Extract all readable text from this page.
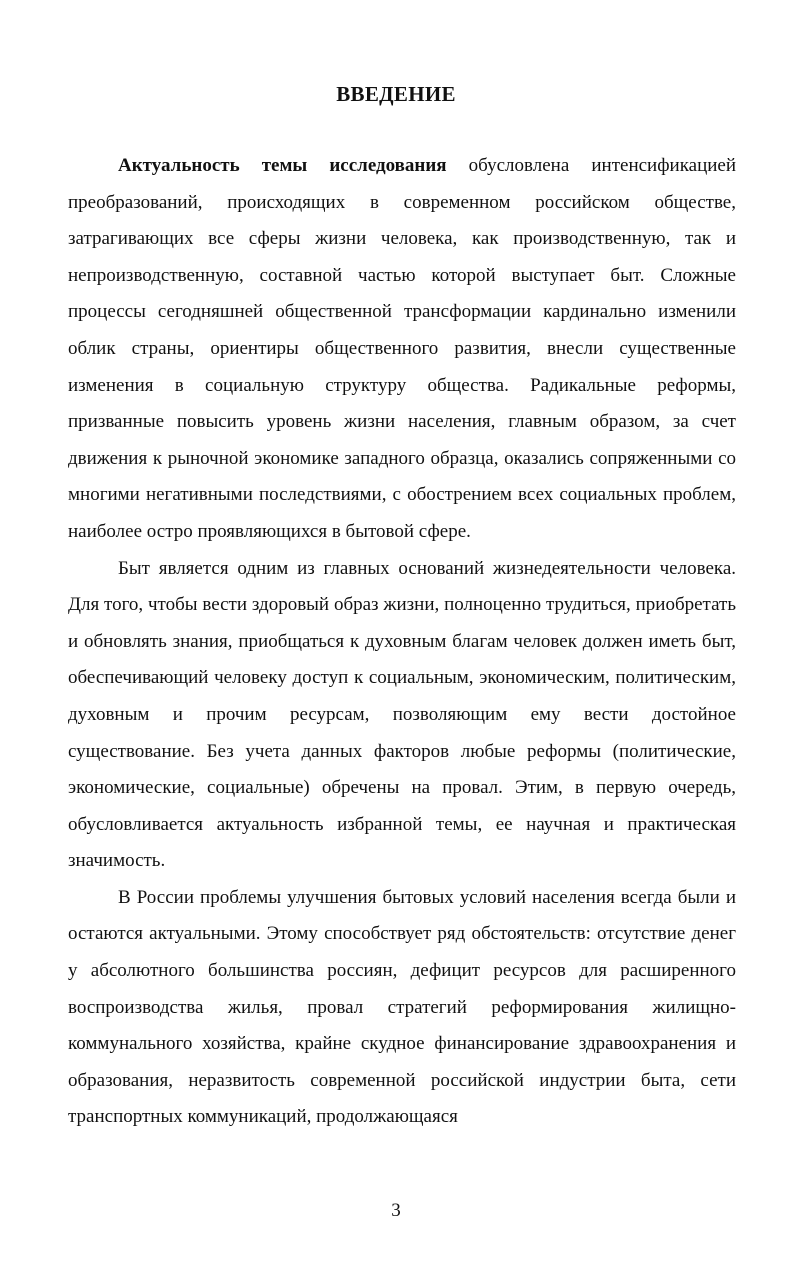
ВВЕДЕНИЕ

Актуальность темы исследования обусловлена интенсификацией преобразований, происходящих в современном российском обществе, затрагивающих все сферы жизни человека, как производственную, так и непроизводственную, составной частью которой выступает быт. Сложные процессы сегодняшней общественной трансформации кардинально изменили облик страны, ориентиры общественного развития, внесли существенные изменения в социальную структуру общества. Радикальные реформы, призванные повысить уровень жизни населения, главным образом, за счет движения к рыночной экономике западного образца, оказались сопряженными со многими негативными последствиями, с обострением всех социальных проблем, наиболее остро проявляющихся в бытовой сфере.

Быт является одним из главных оснований жизнедеятельности человека. Для того, чтобы вести здоровый образ жизни, полноценно трудиться, приобретать и обновлять знания, приобщаться к духовным благам человек должен иметь быт, обеспечивающий человеку доступ к социальным, экономическим, политическим, духовным и прочим ресурсам, позволяющим ему вести достойное существование. Без учета данных факторов любые реформы (политические, экономические, социальные) обречены на провал. Этим, в первую очередь, обусловливается актуальность избранной темы, ее научная и практическая значимость.

В России проблемы улучшения бытовых условий населения всегда были и остаются актуальными. Этому способствует ряд обстоятельств: отсутствие денег у абсолютного большинства россиян, дефицит ресурсов для расширенного воспроизводства жилья, провал стратегий реформирования жилищно-коммунального хозяйства, крайне скудное финансирование здравоохранения и образования, неразвитость современной российской индустрии быта, сети транспортных коммуникаций, продолжающаяся

3
